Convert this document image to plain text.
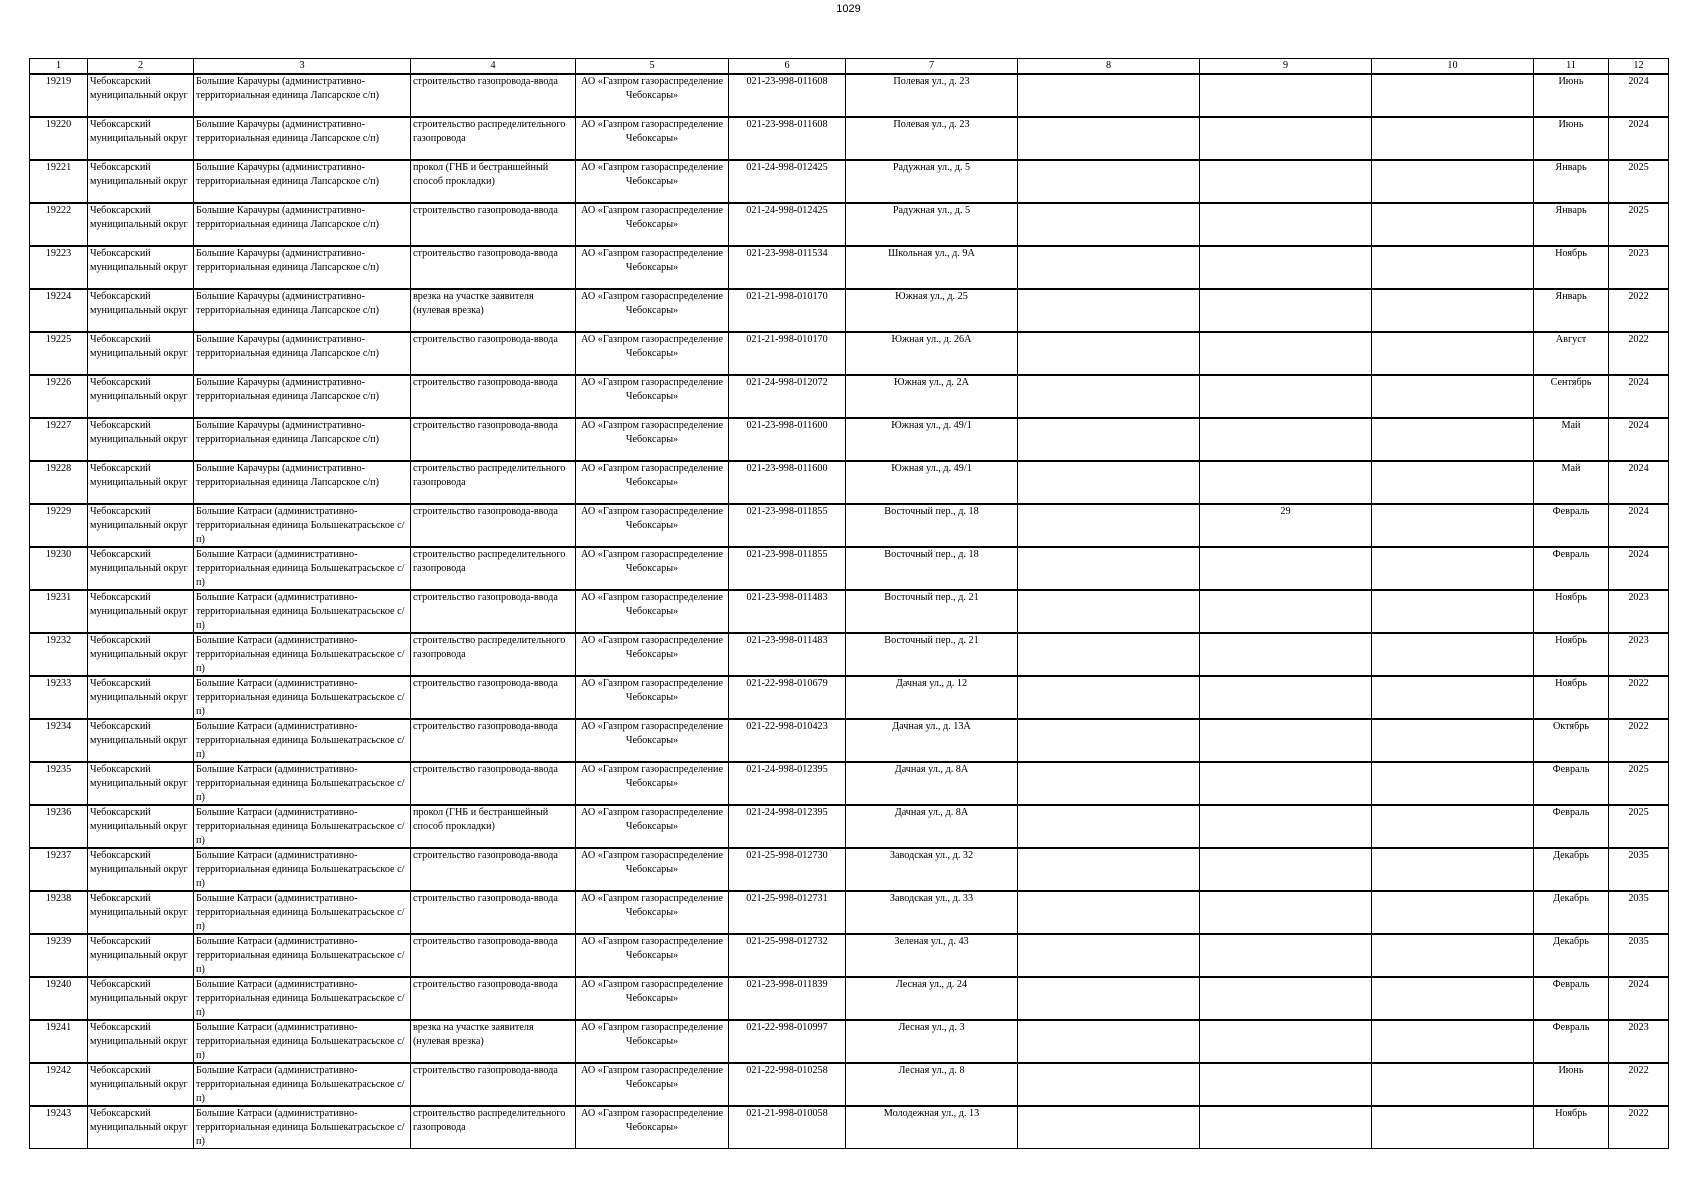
1029
1	2	3	4	5	6	7	8	9	10	11	12

19219	Чебоксарский муниципальный округ	Большие Карачуры (административно-территориальная единица Лапсарское с/п)	строительство газопровода-ввода	АО «Газпром газораспределение Чебоксары»	021-23-998-011608	Полевая ул., д. 23				Июнь	2024

19220	Чебоксарский муниципальный округ	Большие Карачуры (административно-территориальная единица Лапсарское с/п)	строительство распределительного газопровода	АО «Газпром газораспределение Чебоксары»	021-23-998-011608	Полевая ул., д. 23				Июнь	2024

19221	Чебоксарский муниципальный округ	Большие Карачуры (административно-территориальная единица Лапсарское с/п)	прокол (ГНБ и бестраншейный способ прокладки)	АО «Газпром газораспределение Чебоксары»	021-24-998-012425	Радужная ул., д. 5				Январь	2025

19222	Чебоксарский муниципальный округ	Большие Карачуры (административно-территориальная единица Лапсарское с/п)	строительство газопровода-ввода	АО «Газпром газораспределение Чебоксары»	021-24-998-012425	Радужная ул., д. 5				Январь	2025

19223	Чебоксарский муниципальный округ	Большие Карачуры (административно-территориальная единица Лапсарское с/п)	строительство газопровода-ввода	АО «Газпром газораспределение Чебоксары»	021-23-998-011534	Школьная ул., д. 9А				Ноябрь	2023

19224	Чебоксарский муниципальный округ	Большие Карачуры (административно-территориальная единица Лапсарское с/п)	врезка на участке заявителя (нулевая врезка)	АО «Газпром газораспределение Чебоксары»	021-21-998-010170	Южная ул., д. 25				Январь	2022

19225	Чебоксарский муниципальный округ	Большие Карачуры (административно-территориальная единица Лапсарское с/п)	строительство газопровода-ввода	АО «Газпром газораспределение Чебоксары»	021-21-998-010170	Южная ул., д. 26А				Август	2022

19226	Чебоксарский муниципальный округ	Большие Карачуры (административно-территориальная единица Лапсарское с/п)	строительство газопровода-ввода	АО «Газпром газораспределение Чебоксары»	021-24-998-012072	Южная ул., д. 2А				Сентябрь	2024

19227	Чебоксарский муниципальный округ	Большие Карачуры (административно-территориальная единица Лапсарское с/п)	строительство газопровода-ввода	АО «Газпром газораспределение Чебоксары»	021-23-998-011600	Южная ул., д. 49/1				Май	2024

19228	Чебоксарский муниципальный округ	Большие Карачуры (административно-территориальная единица Лапсарское с/п)	строительство распределительного газопровода	АО «Газпром газораспределение Чебоксары»	021-23-998-011600	Южная ул., д. 49/1				Май	2024

19229	Чебоксарский муниципальный округ	Большие Катраси (административно-территориальная единица Большекатрасьское с/п)	строительство газопровода-ввода	АО «Газпром газораспределение Чебоксары»	021-23-998-011855	Восточный пер., д. 18		29		Февраль	2024

19230	Чебоксарский муниципальный округ	Большие Катраси (административно-территориальная единица Большекатрасьское с/п)	строительство распределительного газопровода	АО «Газпром газораспределение Чебоксары»	021-23-998-011855	Восточный пер., д. 18				Февраль	2024

19231	Чебоксарский муниципальный округ	Большие Катраси (административно-территориальная единица Большекатрасьское с/п)	строительство газопровода-ввода	АО «Газпром газораспределение Чебоксары»	021-23-998-011483	Восточный пер., д. 21				Ноябрь	2023

19232	Чебоксарский муниципальный округ	Большие Катраси (административно-территориальная единица Большекатрасьское с/п)	строительство распределительного газопровода	АО «Газпром газораспределение Чебоксары»	021-23-998-011483	Восточный пер., д. 21				Ноябрь	2023

19233	Чебоксарский муниципальный округ	Большие Катраси (административно-территориальная единица Большекатрасьское с/п)	строительство газопровода-ввода	АО «Газпром газораспределение Чебоксары»	021-22-998-010679	Дачная ул., д. 12				Ноябрь	2022

19234	Чебоксарский муниципальный округ	Большие Катраси (административно-территориальная единица Большекатрасьское с/п)	строительство газопровода-ввода	АО «Газпром газораспределение Чебоксары»	021-22-998-010423	Дачная ул., д. 13А				Октябрь	2022

19235	Чебоксарский муниципальный округ	Большие Катраси (административно-территориальная единица Большекатрасьское с/п)	строительство газопровода-ввода	АО «Газпром газораспределение Чебоксары»	021-24-998-012395	Дачная ул., д. 8А				Февраль	2025

19236	Чебоксарский муниципальный округ	Большие Катраси (административно-территориальная единица Большекатрасьское с/п)	прокол (ГНБ и бестраншейный способ прокладки)	АО «Газпром газораспределение Чебоксары»	021-24-998-012395	Дачная ул., д. 8А				Февраль	2025

19237	Чебоксарский муниципальный округ	Большие Катраси (административно-территориальная единица Большекатрасьское с/п)	строительство газопровода-ввода	АО «Газпром газораспределение Чебоксары»	021-25-998-012730	Заводская ул., д. 32				Декабрь	2035

19238	Чебоксарский муниципальный округ	Большие Катраси (административно-территориальная единица Большекатрасьское с/п)	строительство газопровода-ввода	АО «Газпром газораспределение Чебоксары»	021-25-998-012731	Заводская ул., д. 33				Декабрь	2035

19239	Чебоксарский муниципальный округ	Большие Катраси (административно-территориальная единица Большекатрасьское с/п)	строительство газопровода-ввода	АО «Газпром газораспределение Чебоксары»	021-25-998-012732	Зеленая ул., д. 43				Декабрь	2035

19240	Чебоксарский муниципальный округ	Большие Катраси (административно-территориальная единица Большекатрасьское с/п)	строительство газопровода-ввода	АО «Газпром газораспределение Чебоксары»	021-23-998-011839	Лесная ул., д. 24				Февраль	2024

19241	Чебоксарский муниципальный округ	Большие Катраси (административно-территориальная единица Большекатрасьское с/п)	врезка на участке заявителя (нулевая врезка)	АО «Газпром газораспределение Чебоксары»	021-22-998-010997	Лесная ул., д. 3				Февраль	2023

19242	Чебоксарский муниципальный округ	Большие Катраси (административно-территориальная единица Большекатрасьское с/п)	строительство газопровода-ввода	АО «Газпром газораспределение Чебоксары»	021-22-998-010258	Лесная ул., д. 8				Июнь	2022

19243	Чебоксарский муниципальный округ	Большие Катраси (административно-территориальная единица Большекатрасьское с/п)	строительство распределительного газопровода	АО «Газпром газораспределение Чебоксары»	021-21-998-010058	Молодежная ул., д. 13				Ноябрь	2022
